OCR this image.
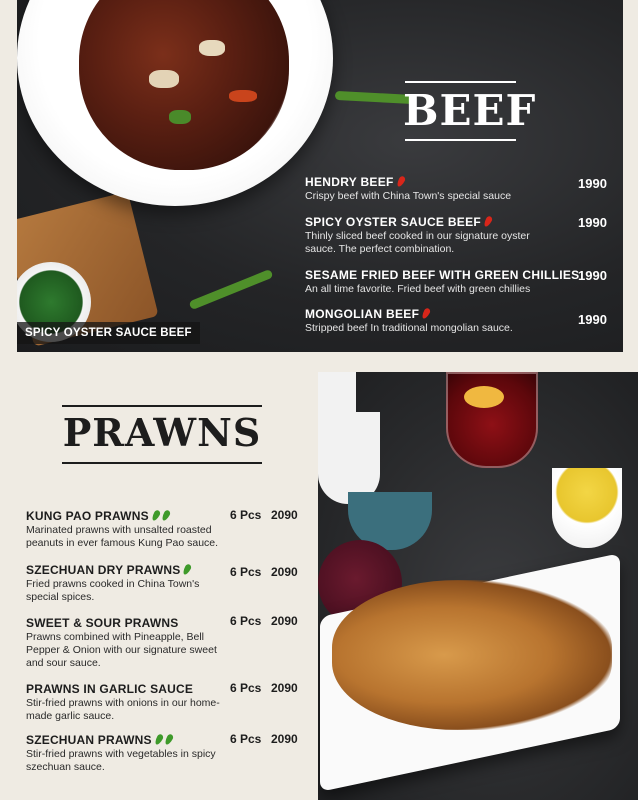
SPICY OYSTER SAUCE BEEF
BEEF
HENDRY BEEF
Crispy beef with China Town's special sauce
1990
SPICY OYSTER SAUCE BEEF
Thinly sliced beef cooked in our signature oyster sauce. The perfect combination.
1990
SESAME FRIED BEEF WITH GREEN CHILLIES
An all time favorite. Fried beef with green chillies
1990
MONGOLIAN BEEF
Stripped beef In traditional mongolian sauce.
1990
PRAWNS
KUNG PAO PRAWNS
Marinated prawns with unsalted roasted peanuts in ever famous Kung Pao sauce.
6 Pcs 2090
SZECHUAN DRY PRAWNS
Fried prawns cooked in China Town's special spices.
6 Pcs 2090
SWEET & SOUR PRAWNS
Prawns combined with Pineapple, Bell Pepper & Onion with our signature sweet and sour sauce.
6 Pcs 2090
PRAWNS IN GARLIC SAUCE
Stir-fried prawns with onions in our home-made garlic sauce.
6 Pcs 2090
SZECHUAN PRAWNS
Stir-fried prawns with vegetables in spicy szechuan sauce.
6 Pcs 2090
